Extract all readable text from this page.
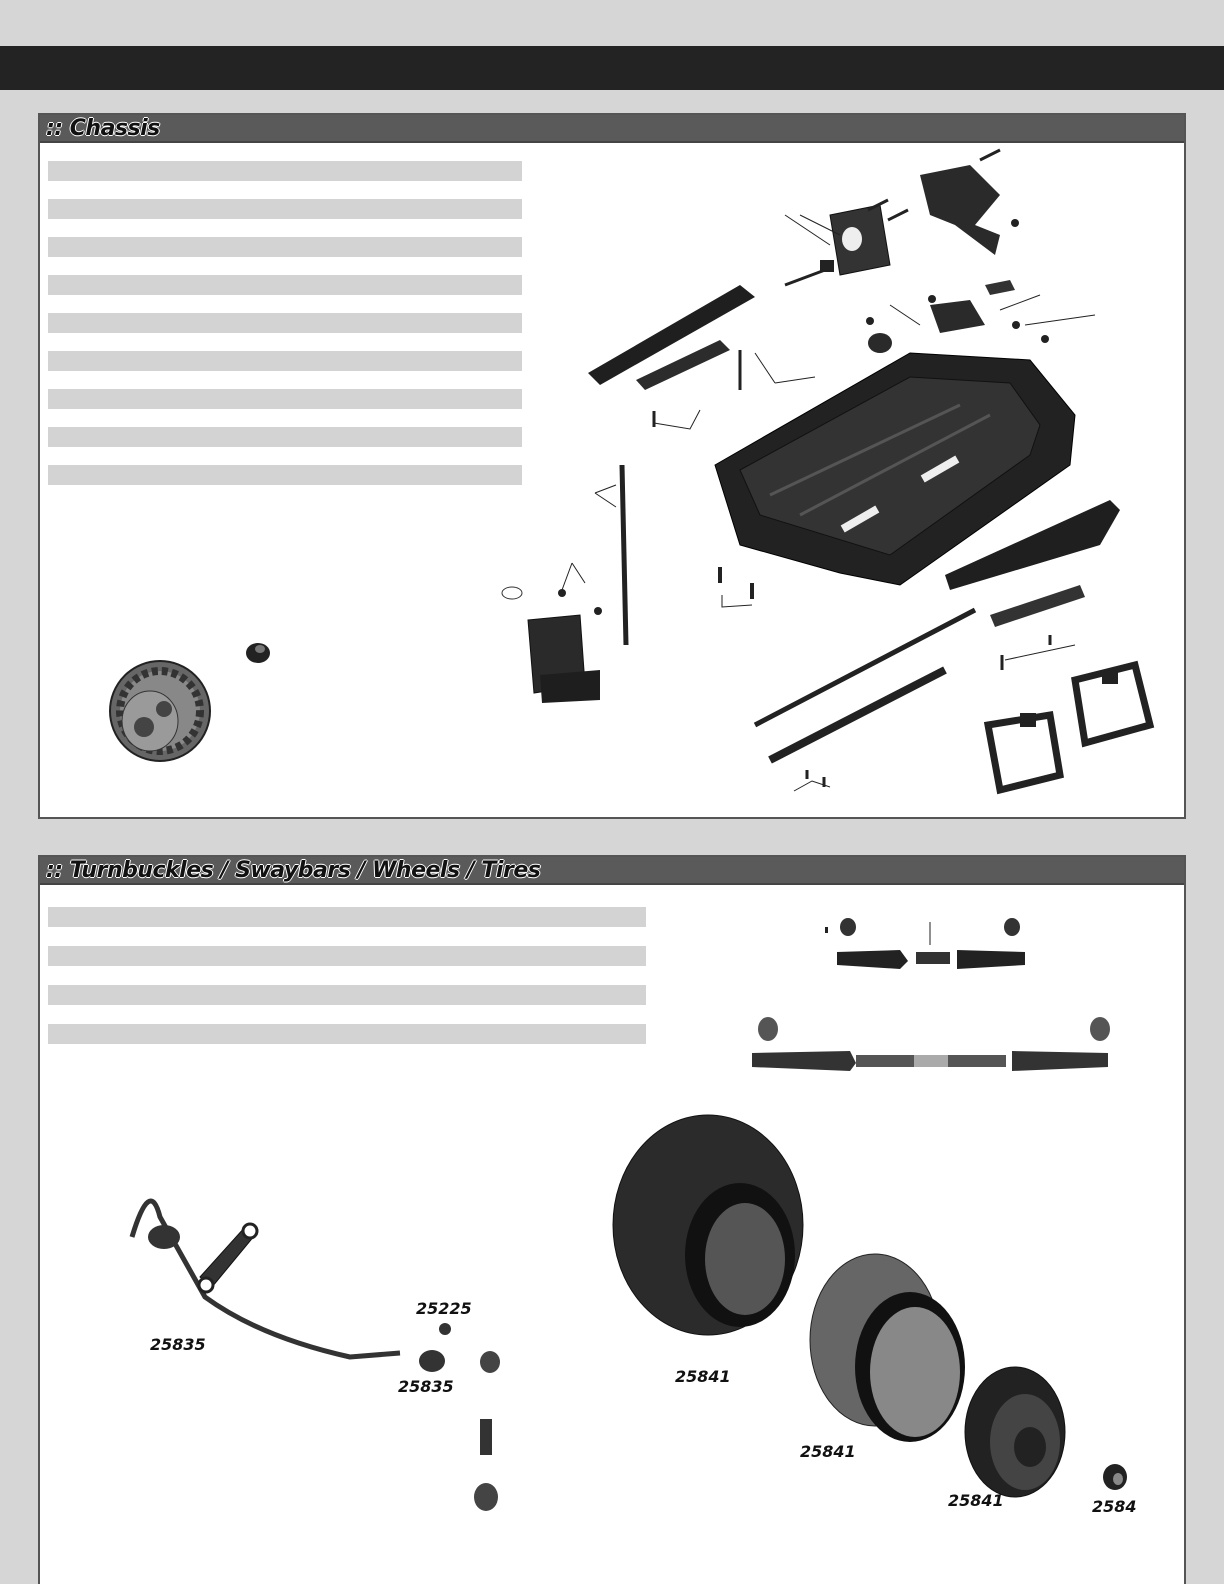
:: Chassis
:: Turnbuckles / Swaybars / Wheels / Tires
25835
25225
25835
25841
25841
25841	2584
